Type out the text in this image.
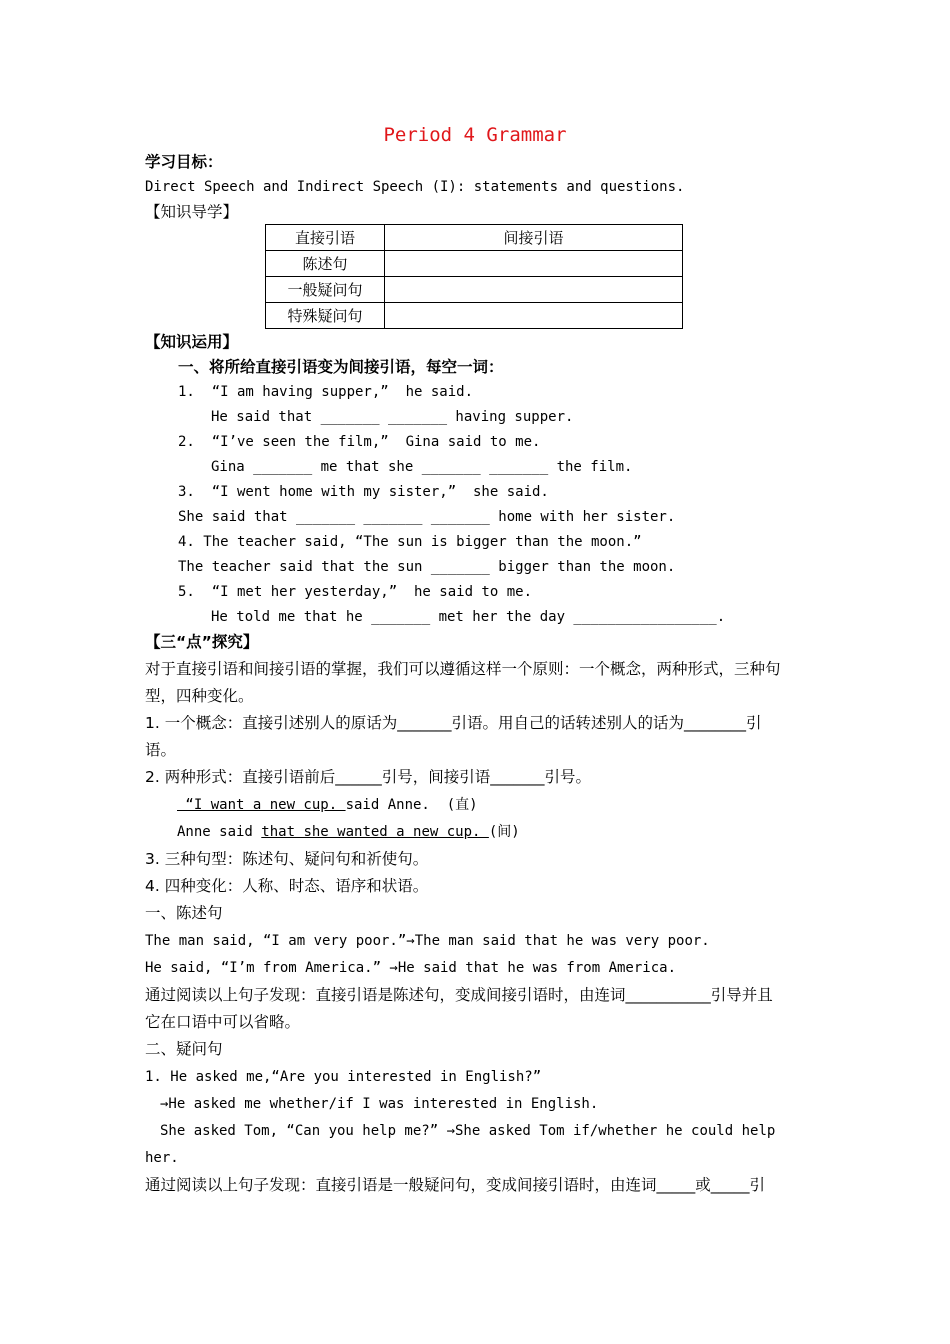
Period 4 Grammar
学习目标：
Direct Speech and Indirect Speech (I): statements and questions.
【知识导学】
直接引语	间接引语
陈述句	
一般疑问句	
特殊疑问句	
【知识运用】
一、将所给直接引语变为间接引语，每空一词：
1.  “I am having supper,”  he said.
He said that _______ _______ having supper.
2.  “I’ve seen the film,”  Gina said to me.
Gina _______ me that she _______ _______ the film.
3.  “I went home with my sister,”  she said.
She said that _______ _______ _______ home with her sister.
4. The teacher said, “The sun is bigger than the moon.”
The teacher said that the sun _______ bigger than the moon.
5.  “I met her yesterday,”  he said to me.
He told me that he _______ met her the day _________________.
【三“点”探究】
对于直接引语和间接引语的掌握，我们可以遵循这样一个原则：一个概念，两种形式，三种句
型，四种变化。
1. 一个概念：直接引述别人的原话为_______引语。用自己的话转述别人的话为________引
语。
2. 两种形式：直接引语前后______引号，间接引语_______引号。
“I want a new cup. said Anne.  (直)
Anne said that she wanted a new cup. (间)
3. 三种句型：陈述句、疑问句和祈使句。
4. 四种变化：人称、时态、语序和状语。
一、陈述句
The man said, “I am very poor.”→The man said that he was very poor.
He said, “I’m from America.” →He said that he was from America.
通过阅读以上句子发现：直接引语是陈述句，变成间接引语时，由连词___________引导并且
它在口语中可以省略。
二、疑问句
1. He asked me,“Are you interested in English?”
→He asked me whether/if I was interested in English.
She asked Tom, “Can you help me?” →She asked Tom if/whether he could help
her.
通过阅读以上句子发现：直接引语是一般疑问句，变成间接引语时，由连词_____或_____引
